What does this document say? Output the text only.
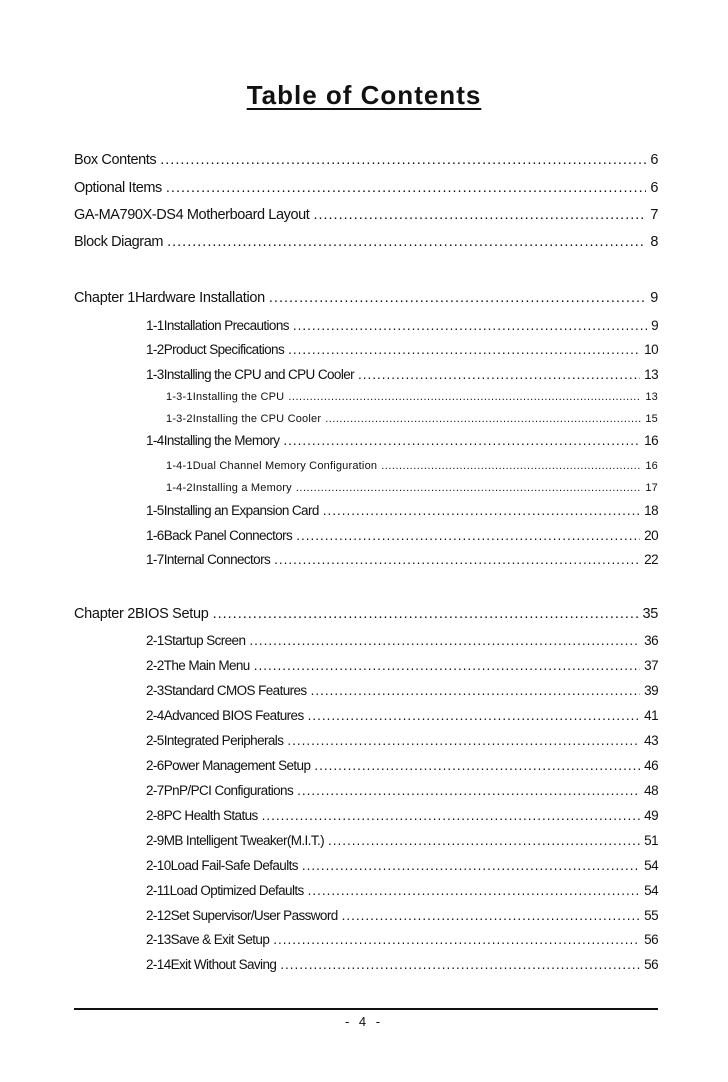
Table of Contents
Box Contents .....	6
Optional Items .....	6
GA-MA790X-DS4 Motherboard Layout .....	7
Block Diagram .....	8
Chapter 1 Hardware Installation .....	9
1-1 Installation Precautions .....	9
1-2 Product Specifications .....	10
1-3 Installing the CPU and CPU Cooler .....	13
1-3-1 Installing the CPU .....	13
1-3-2 Installing the CPU Cooler .....	15
1-4 Installing the Memory .....	16
1-4-1 Dual Channel Memory Configuration .....	16
1-4-2 Installing a Memory .....	17
1-5 Installing an Expansion Card .....	18
1-6 Back Panel Connectors .....	20
1-7 Internal Connectors .....	22
Chapter 2 BIOS Setup .....	35
2-1 Startup Screen .....	36
2-2 The Main Menu .....	37
2-3 Standard CMOS Features .....	39
2-4 Advanced BIOS Features .....	41
2-5 Integrated Peripherals .....	43
2-6 Power Management Setup .....	46
2-7 PnP/PCI Configurations .....	48
2-8 PC Health Status .....	49
2-9 MB Intelligent Tweaker(M.I.T.) .....	51
2-10 Load Fail-Safe Defaults .....	54
2-11 Load Optimized Defaults .....	54
2-12 Set Supervisor/User Password .....	55
2-13 Save & Exit Setup .....	56
2-14 Exit Without Saving .....	56
- 4 -
